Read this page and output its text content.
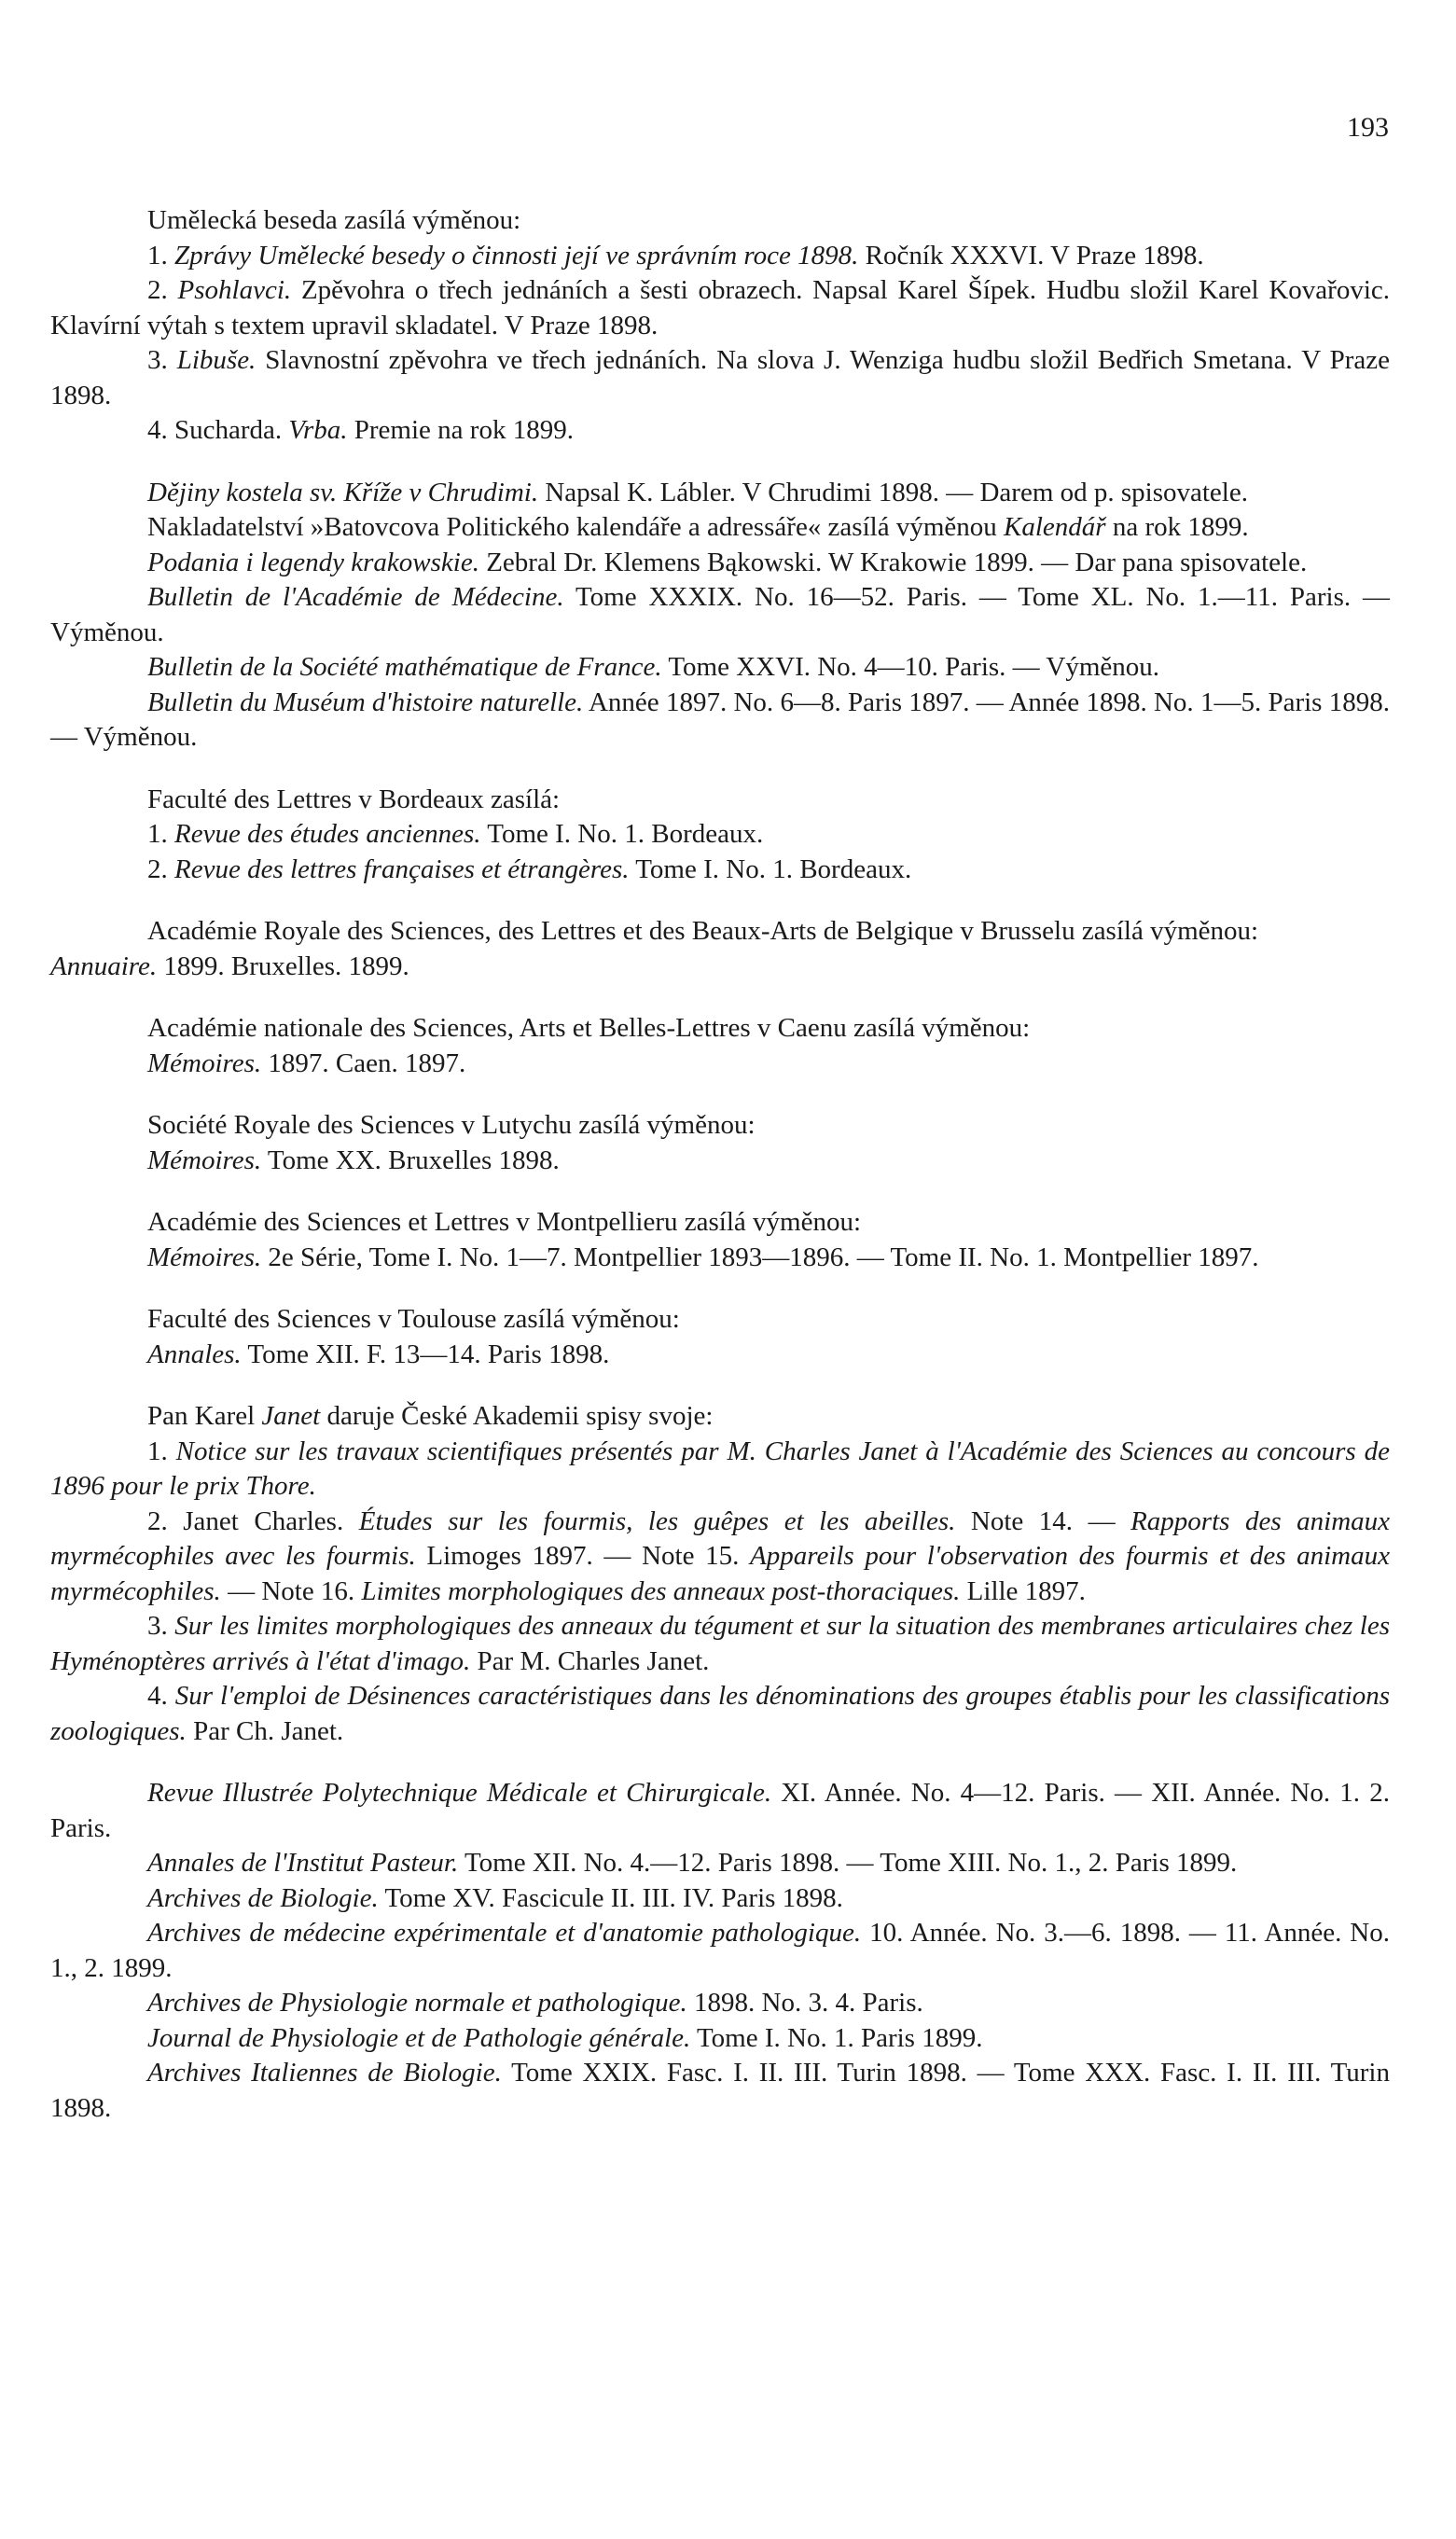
193

Umělecká beseda zasílá výměnou:

1. Zprávy Umělecké besedy o činnosti její ve správním roce 1898. Ročník XXXVI. V Praze 1898.

2. Psohlavci. Zpěvohra o třech jednáních a šesti obrazech. Napsal Karel Šípek. Hudbu složil Karel Kovařovic. Klavírní výtah s textem upravil skladatel. V Praze 1898.

3. Libuše. Slavnostní zpěvohra ve třech jednáních. Na slova J. Wenziga hudbu složil Bedřich Smetana. V Praze 1898.

4. Sucharda. Vrba. Premie na rok 1899.

Dějiny kostela sv. Kříže v Chrudimi. Napsal K. Lábler. V Chrudimi 1898. — Darem od p. spisovatele.

Nakladatelství »Batovcova Politického kalendáře a adressáře« zasílá výměnou Kalendář na rok 1899.

Podania i legendy krakowskie. Zebral Dr. Klemens Bąkowski. W Krakowie 1899. — Dar pana spisovatele.

Bulletin de l'Académie de Médecine. Tome XXXIX. No. 16—52. Paris. — Tome XL. No. 1.—11. Paris. — Výměnou.

Bulletin de la Société mathématique de France. Tome XXVI. No. 4—10. Paris. — Výměnou.

Bulletin du Muséum d'histoire naturelle. Année 1897. No. 6—8. Paris 1897. — Année 1898. No. 1—5. Paris 1898. — Výměnou.

Faculté des Lettres v Bordeaux zasílá:

1. Revue des études anciennes. Tome I. No. 1. Bordeaux.

2. Revue des lettres françaises et étrangères. Tome I. No. 1. Bordeaux.

Académie Royale des Sciences, des Lettres et des Beaux-Arts de Belgique v Brusselu zasílá výměnou:

Annuaire. 1899. Bruxelles. 1899.

Académie nationale des Sciences, Arts et Belles-Lettres v Caenu zasílá výměnou:

Mémoires. 1897. Caen. 1897.

Société Royale des Sciences v Lutychu zasílá výměnou:

Mémoires. Tome XX. Bruxelles 1898.

Académie des Sciences et Lettres v Montpellieru zasílá výměnou:

Mémoires. 2e Série, Tome I. No. 1—7. Montpellier 1893—1896. — Tome II. No. 1. Montpellier 1897.

Faculté des Sciences v Toulouse zasílá výměnou:

Annales. Tome XII. F. 13—14. Paris 1898.

Pan Karel Janet daruje České Akademii spisy svoje:

1. Notice sur les travaux scientifiques présentés par M. Charles Janet à l'Académie des Sciences au concours de 1896 pour le prix Thore.

2. Janet Charles. Études sur les fourmis, les guêpes et les abeilles. Note 14. — Rapports des animaux myrmécophiles avec les fourmis. Limoges 1897. — Note 15. Appareils pour l'observation des fourmis et des animaux myrmécophiles. — Note 16. Limites morphologiques des anneaux post-thoraciques. Lille 1897.

3. Sur les limites morphologiques des anneaux du tégument et sur la situation des membranes articulaires chez les Hyménoptères arrivés à l'état d'imago. Par M. Charles Janet.

4. Sur l'emploi de Désinences caractéristiques dans les dénominations des groupes établis pour les classifications zoologiques. Par Ch. Janet.

Revue Illustrée Polytechnique Médicale et Chirurgicale. XI. Année. No. 4—12. Paris. — XII. Année. No. 1. 2. Paris.

Annales de l'Institut Pasteur. Tome XII. No. 4.—12. Paris 1898. — Tome XIII. No. 1., 2. Paris 1899.

Archives de Biologie. Tome XV. Fascicule II. III. IV. Paris 1898.

Archives de médecine expérimentale et d'anatomie pathologique. 10. Année. No. 3.—6. 1898. — 11. Année. No. 1., 2. 1899.

Archives de Physiologie normale et pathologique. 1898. No. 3. 4. Paris.

Journal de Physiologie et de Pathologie générale. Tome I. No. 1. Paris 1899.

Archives Italiennes de Biologie. Tome XXIX. Fasc. I. II. III. Turin 1898. — Tome XXX. Fasc. I. II. III. Turin 1898.
